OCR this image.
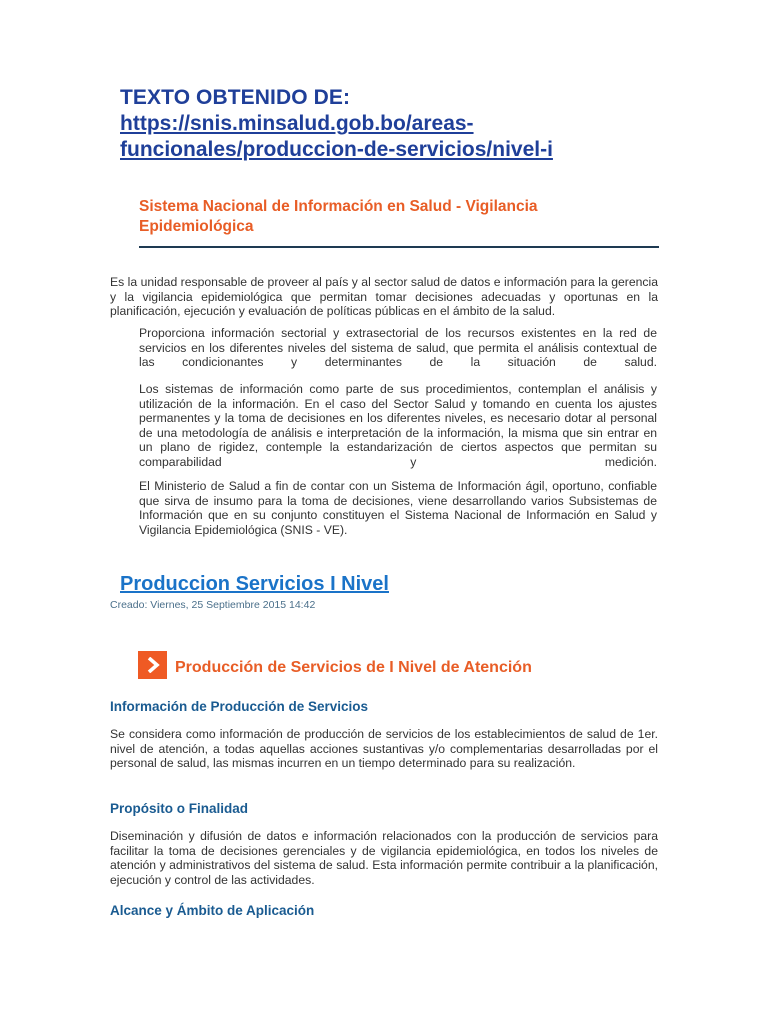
TEXTO OBTENIDO DE:
https://snis.minsalud.gob.bo/areas-funcionales/produccion-de-servicios/nivel-i
Sistema Nacional de Información en Salud - Vigilancia Epidemiológica
Es la unidad responsable de proveer al país y al sector salud de datos e información para la gerencia y la vigilancia epidemiológica que permitan tomar decisiones adecuadas y oportunas en la planificación, ejecución y evaluación de políticas públicas en el ámbito de la salud.
Proporciona información sectorial y extrasectorial de los recursos existentes en la red de servicios en los diferentes niveles del sistema de salud, que permita el análisis contextual de las condicionantes y determinantes de la situación de salud.
Los sistemas de información como parte de sus procedimientos, contemplan el análisis y utilización de la información. En el caso del Sector Salud y tomando en cuenta los ajustes permanentes y la toma de decisiones en los diferentes niveles, es necesario dotar al personal de una metodología de análisis e interpretación de la información, la misma que sin entrar en un plano de rigidez, contemple la estandarización de ciertos aspectos que permitan su comparabilidad y medición.
El Ministerio de Salud a fin de contar con un Sistema de Información ágil, oportuno, confiable que sirva de insumo para la toma de decisiones, viene desarrollando varios Subsistemas de Información que en su conjunto constituyen el Sistema Nacional de Información en Salud y Vigilancia Epidemiológica (SNIS - VE).
Produccion Servicios I Nivel
Creado: Viernes, 25 Septiembre 2015 14:42
Producción de Servicios de I Nivel de Atención
Información de Producción de Servicios
Se considera como información de producción de servicios de los establecimientos de salud de 1er. nivel de atención, a todas aquellas acciones sustantivas y/o complementarias desarrolladas por el personal de salud, las mismas incurren en un tiempo determinado para su realización.
Propósito o Finalidad
Diseminación y difusión de datos e información relacionados con la producción de servicios para facilitar la toma de decisiones gerenciales y de vigilancia epidemiológica, en todos los niveles de atención y administrativos del sistema de salud. Esta información permite contribuir a la planificación, ejecución y control de las actividades.
Alcance y Ámbito de Aplicación
